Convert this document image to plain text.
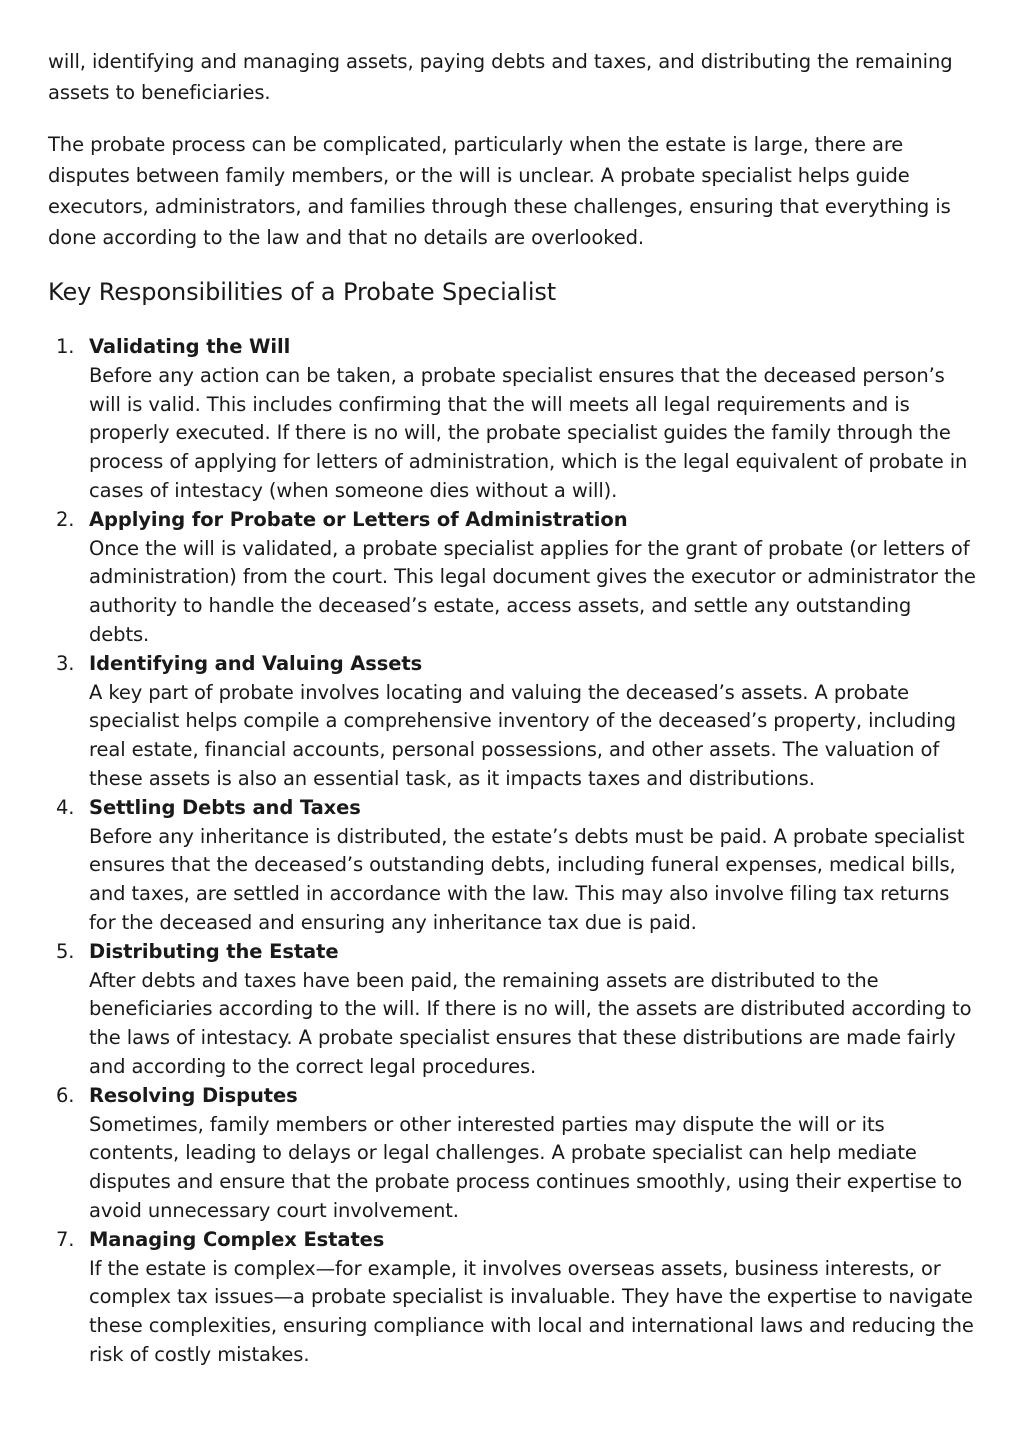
will, identifying and managing assets, paying debts and taxes, and distributing the remaining assets to beneficiaries.

The probate process can be complicated, particularly when the estate is large, there are disputes between family members, or the will is unclear. A probate specialist helps guide executors, administrators, and families through these challenges, ensuring that everything is done according to the law and that no details are overlooked.

Key Responsibilities of a Probate Specialist
1. Validating the Will
Before any action can be taken, a probate specialist ensures that the deceased person’s will is valid. This includes confirming that the will meets all legal requirements and is properly executed. If there is no will, the probate specialist guides the family through the process of applying for letters of administration, which is the legal equivalent of probate in cases of intestacy (when someone dies without a will).
2. Applying for Probate or Letters of Administration
Once the will is validated, a probate specialist applies for the grant of probate (or letters of administration) from the court. This legal document gives the executor or administrator the authority to handle the deceased’s estate, access assets, and settle any outstanding debts.
3. Identifying and Valuing Assets
A key part of probate involves locating and valuing the deceased’s assets. A probate specialist helps compile a comprehensive inventory of the deceased’s property, including real estate, financial accounts, personal possessions, and other assets. The valuation of these assets is also an essential task, as it impacts taxes and distributions.
4. Settling Debts and Taxes
Before any inheritance is distributed, the estate’s debts must be paid. A probate specialist ensures that the deceased’s outstanding debts, including funeral expenses, medical bills, and taxes, are settled in accordance with the law. This may also involve filing tax returns for the deceased and ensuring any inheritance tax due is paid.
5. Distributing the Estate
After debts and taxes have been paid, the remaining assets are distributed to the beneficiaries according to the will. If there is no will, the assets are distributed according to the laws of intestacy. A probate specialist ensures that these distributions are made fairly and according to the correct legal procedures.
6. Resolving Disputes
Sometimes, family members or other interested parties may dispute the will or its contents, leading to delays or legal challenges. A probate specialist can help mediate disputes and ensure that the probate process continues smoothly, using their expertise to avoid unnecessary court involvement.
7. Managing Complex Estates
If the estate is complex—for example, it involves overseas assets, business interests, or complex tax issues—a probate specialist is invaluable. They have the expertise to navigate these complexities, ensuring compliance with local and international laws and reducing the risk of costly mistakes.
